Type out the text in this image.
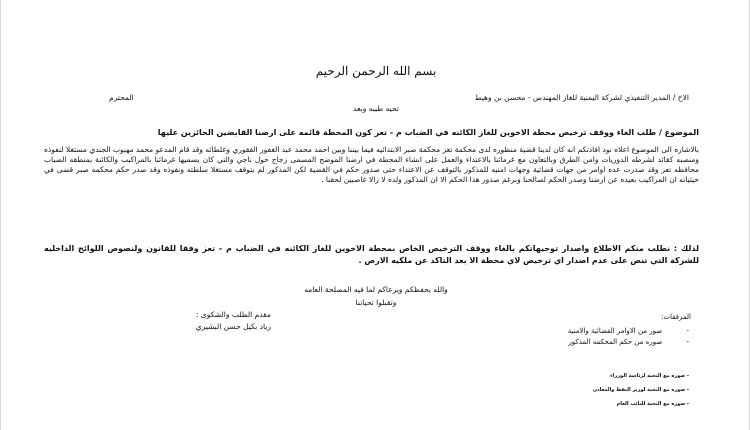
بسم الله الرحمن الرحيم
الاخ / المدير التنفيذي لشركة اليمنية للغاز المهندس - محسن بن وهيط
المحترم
تحيه طيبه وبعد
الموضوع / طلب الغاء ووقف ترخيص محطة الاخوين للغاز الكائنه في الضباب م - تعز كون المحطة قائمه على ارضنا القابضين الحائزين عليها
بالاشاره الى الموضوع اعلاه نود افادتكم انه كان لدينا قضية منظوره لدى محكمة تعز محكمة صبر الابتدائيه فيما بيننا وبين احمد محمد عبد الغفور الفقوري وغلطائه وقد قام المدعو محمد مهيوب الجندي مستغلا لنفوذه ومنصبه كقائد لشرطه الدوريات وامن الطرق وبالتعاون مع غرمائنا بالاعتداء والعمل على انشاء المحطة في ارضنا الموضح المسمى زجاج حول ناجي والتي كان يسميها غرمائنا بالمراكيب والكائنة بمنطقه الضباب محافظه تعز وقد صدرت عده اوامر من جهات قضائية وجهات امنيه للمذكور بالتوقف عن الاعتداء حتى صدور حكم في القضية لكن المذكور لم يتوقف مستغلا سلطته ونفوذه وقد صدر حكم محكمه صبر قضى في حيثياته ان المراكيب بعيده عن ارضنا وصدر الحكم لصالحنا وبرغم صدور هذا الحكم الا ان المذكور ولده لا زالا غاصبين لحقنا .
لذلك : نطلب منكم الاطلاع واصدار توجيهاتكم بالغاء ووقف الترخيص الخاص بمحطة الاخوين للغاز الكائنه في الضباب م - تعز وفقا للقانون ولنصوص اللوائح الداخليه للشركة التي تنص على عدم اصدار اي ترخيص لاي محطة الا بعد التاكد عن ملكيه الارض .
والله يحفظكم ويرعاكم لما فيه المصلحة العامه
وتقبلوا تحياتنا
مقدم الطلب والشكوى :
زياد بكيل حسن البشيري
المرفقات:
- صور من الاوامر القضائية والامنية
- صوره من حكم المحكمه المذكور
- صوره مع التحية لرئاسة الوزراء
- صوره مع التحية لوزير النفط والمعادن
- صوره مع التحية للنائب العام
